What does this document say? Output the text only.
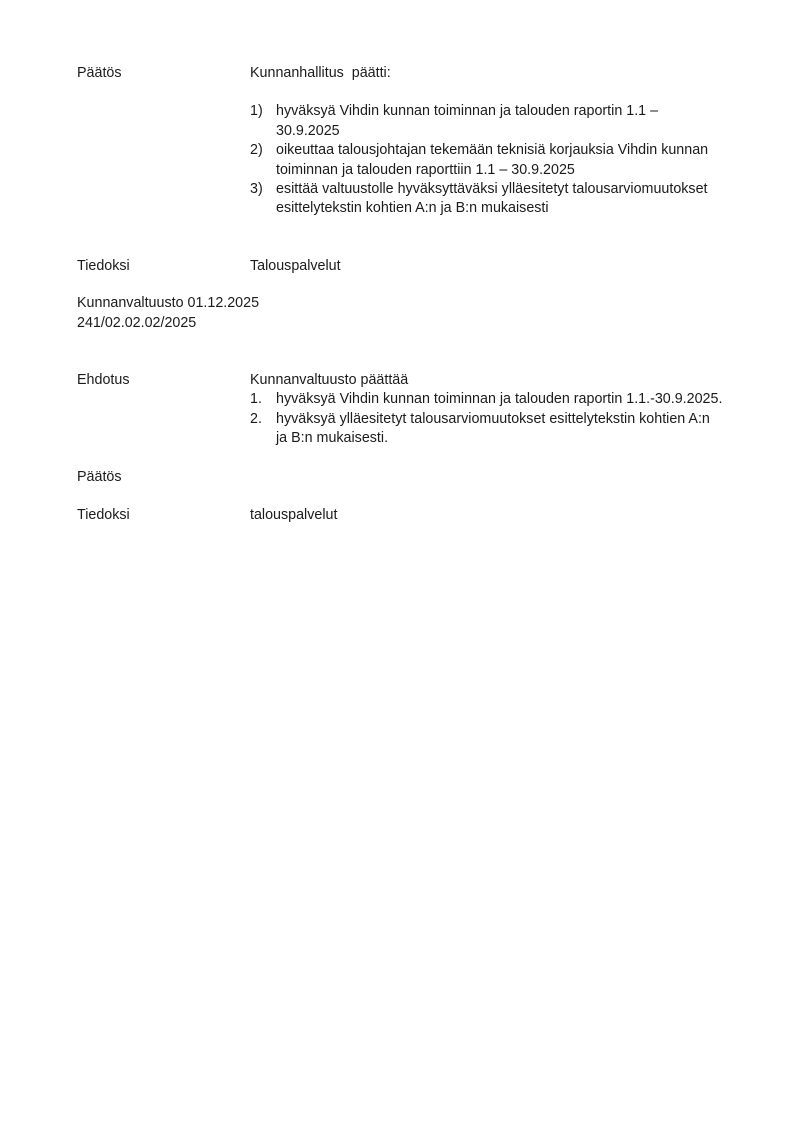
Päätös	Kunnanhallitus  päätti:
1) hyväksyä Vihdin kunnan toiminnan ja talouden raportin 1.1 –
30.9.2025
2) oikeuttaa talousjohtajan tekemään teknisiä korjauksia Vihdin kunnan
toiminnan ja talouden raporttiin 1.1 – 30.9.2025
3) esittää valtuustolle hyväksyttäväksi ylläesitetyt talousarviomuutokset
esittelytekstin kohtien A:n ja B:n mukaisesti
Tiedoksi	Talouspalvelut
Kunnanvaltuusto 01.12.2025
241/02.02.02/2025
Ehdotus	Kunnanvaltuusto päättää
1. hyväksyä Vihdin kunnan toiminnan ja talouden raportin 1.1.-30.9.2025.
2. hyväksyä ylläesitetyt talousarviomuutokset esittelytekstin kohtien A:n
ja B:n mukaisesti.
Päätös
Tiedoksi	talouspalvelut
